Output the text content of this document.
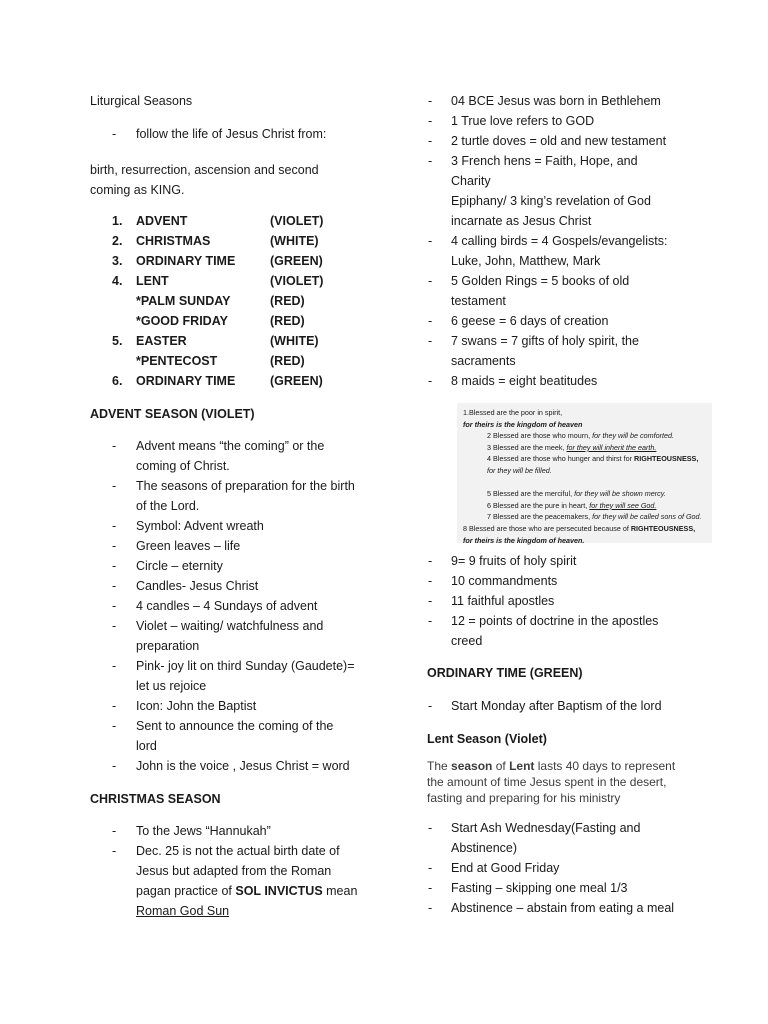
Liturgical Seasons

- follow the life of Jesus Christ from:

birth, resurrection, ascension and second
coming as KING.

1. ADVENT	(VIOLET)
2. CHRISTMAS	(WHITE)
3. ORDINARY TIME	(GREEN)
4. LENT	(VIOLET)
*PALM SUNDAY	(RED)
*GOOD FRIDAY	(RED)
5. EASTER	(WHITE)
*PENTECOST	(RED)
6. ORDINARY TIME	(GREEN)

ADVENT SEASON (VIOLET)

- Advent means “the coming” or the
coming of Christ.
- The seasons of preparation for the birth
of the Lord.
- Symbol: Advent wreath
- Green leaves – life
- Circle – eternity
- Candles- Jesus Christ
- 4 candles – 4 Sundays of advent
- Violet – waiting/ watchfulness and
preparation
- Pink- joy lit on third Sunday (Gaudete)=
let us rejoice
- Icon: John the Baptist
- Sent to announce the coming of the
lord
- John is the voice , Jesus Christ = word

CHRISTMAS SEASON

- To the Jews “Hannukah”
- Dec. 25 is not the actual birth date of
Jesus but adapted from the Roman
pagan practice of SOL INVICTUS mean
Roman God Sun
- 04 BCE Jesus was born in Bethlehem
- 1 True love refers to GOD
- 2 turtle doves = old and new testament
- 3 French hens = Faith, Hope, and
Charity
Epiphany/ 3 king’s revelation of God
incarnate as Jesus Christ
- 4 calling birds = 4 Gospels/evangelists:
Luke, John, Matthew, Mark
- 5 Golden Rings = 5 books of old
testament
- 6 geese = 6 days of creation
- 7 swans = 7 gifts of holy spirit, the
sacraments
- 8 maids = eight beatitudes
1.Blessed are the poor in spirit,
for theirs is the kingdom of heaven
2 Blessed are those who mourn, for they will be comforted.
3 Blessed are the meek, for they will inherit the earth.
4 Blessed are those who hunger and thirst for RIGHTEOUSNESS,
for they will be filled.
5 Blessed are the merciful, for they will be shown mercy.
6 Blessed are the pure in heart, for they will see God.
7 Blessed are the peacemakers, for they will be called sons of God.
8 Blessed are those who are persecuted because of RIGHTEOUSNESS,
for theirs is the kingdom of heaven.
- 9= 9 fruits of holy spirit
- 10 commandments
- 11 faithful apostles
- 12 = points of doctrine in the apostles
creed

ORDINARY TIME (GREEN)

- Start Monday after Baptism of the lord

Lent Season (Violet)

The season of Lent lasts 40 days to represent
the amount of time Jesus spent in the desert,
fasting and preparing for his ministry

- Start Ash Wednesday(Fasting and
Abstinence)
- End at Good Friday
- Fasting – skipping one meal 1/3
- Abstinence – abstain from eating a meal
